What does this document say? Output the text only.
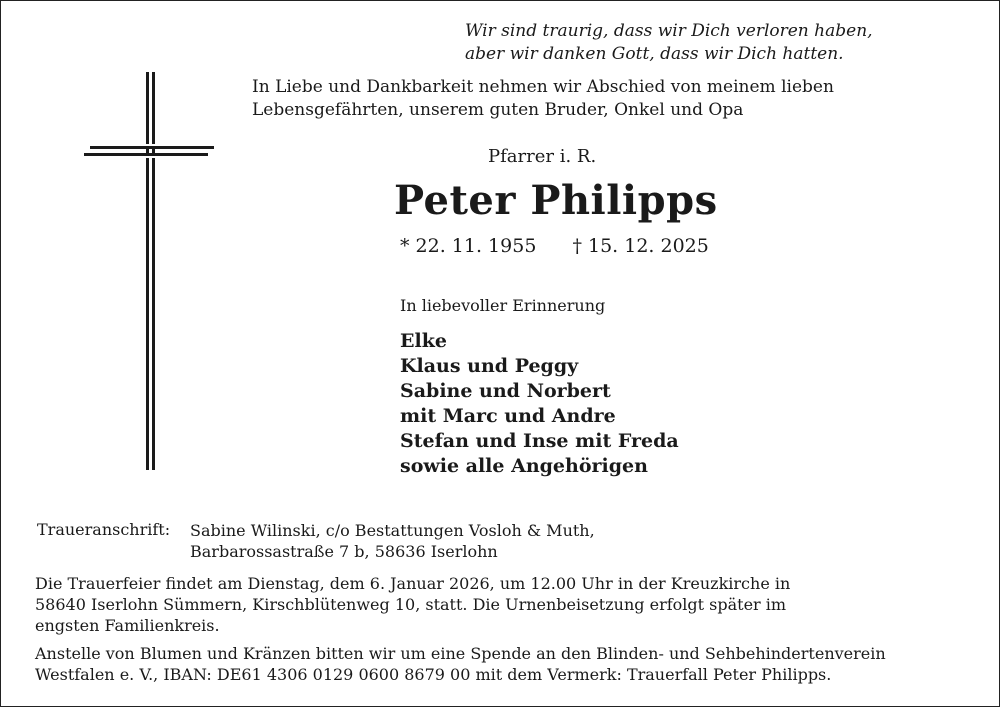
Wir sind traurig, dass wir Dich verloren haben,
aber wir danken Gott, dass wir Dich hatten.
In Liebe und Dankbarkeit nehmen wir Abschied von meinem lieben
Lebensgefährten, unserem guten Bruder, Onkel und Opa
Pfarrer i. R.
Peter Philipps
* 22. 11. 1955 † 15. 12. 2025
In liebevoller Erinnerung
Elke
Klaus und Peggy
Sabine und Norbert
mit Marc und Andre
Stefan und Inse mit Freda
sowie alle Angehörigen
Traueranschrift: Sabine Wilinski, c/o Bestattungen Vosloh & Muth,
Barbarossastraße 7 b, 58636 Iserlohn
Die Trauerfeier findet am Dienstag, dem 6. Januar 2026, um 12.00 Uhr in der Kreuzkirche in
58640 Iserlohn Sümmern, Kirschblütenweg 10, statt. Die Urnenbeisetzung erfolgt später im
engsten Familienkreis.
Anstelle von Blumen und Kränzen bitten wir um eine Spende an den Blinden- und Sehbehindertenverein
Westfalen e. V., IBAN: DE61 4306 0129 0600 8679 00 mit dem Vermerk: Trauerfall Peter Philipps.
